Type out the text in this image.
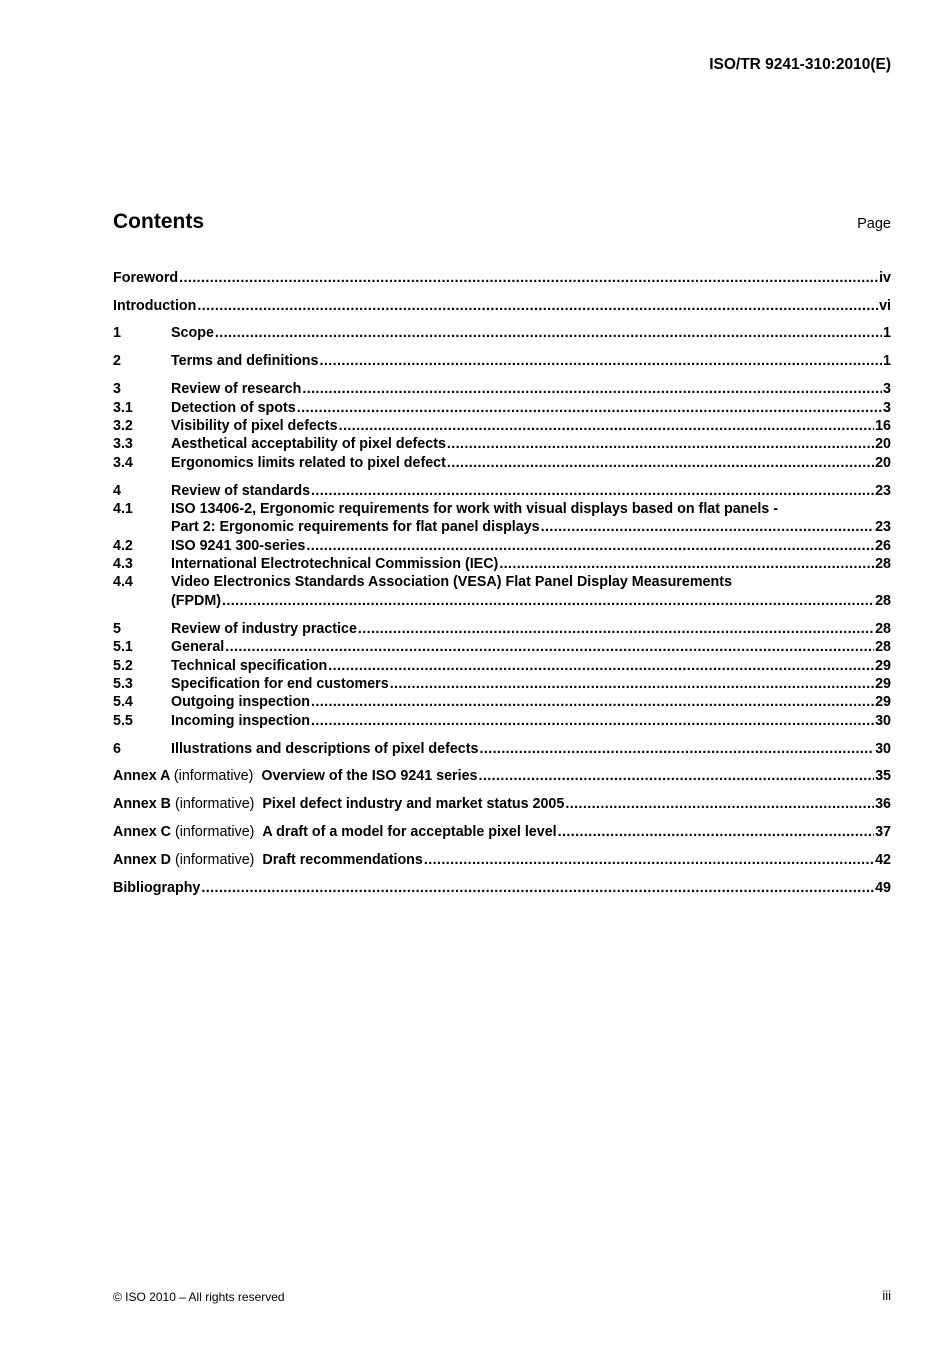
ISO/TR 9241-310:2010(E)
Contents	Page
Foreword .....	iv
Introduction .....	vi
1	Scope .....	1
2	Terms and definitions .....	1
3	Review of research .....	3
3.1	Detection of spots .....	3
3.2	Visibility of pixel defects .....	16
3.3	Aesthetical acceptability of pixel defects .....	20
3.4	Ergonomics limits related to pixel defect .....	20
4	Review of standards .....	23
4.1	ISO 13406-2, Ergonomic requirements for work with visual displays based on flat panels -
Part 2: Ergonomic requirements for flat panel displays .....	23
4.2	ISO 9241 300-series .....	26
4.3	International Electrotechnical Commission (IEC) .....	28
4.4	Video Electronics Standards Association (VESA) Flat Panel Display Measurements
(FPDM) .....	28
5	Review of industry practice .....	28
5.1	General .....	28
5.2	Technical specification .....	29
5.3	Specification for end customers .....	29
5.4	Outgoing inspection .....	29
5.5	Incoming inspection .....	30
6	Illustrations and descriptions of pixel defects .....	30
Annex A (informative) Overview of the ISO 9241 series .....	35
Annex B (informative) Pixel defect industry and market status 2005 .....	36
Annex C (informative) A draft of a model for acceptable pixel level .....	37
Annex D (informative) Draft recommendations .....	42
Bibliography .....	49
© ISO 2010 – All rights reserved	iii
